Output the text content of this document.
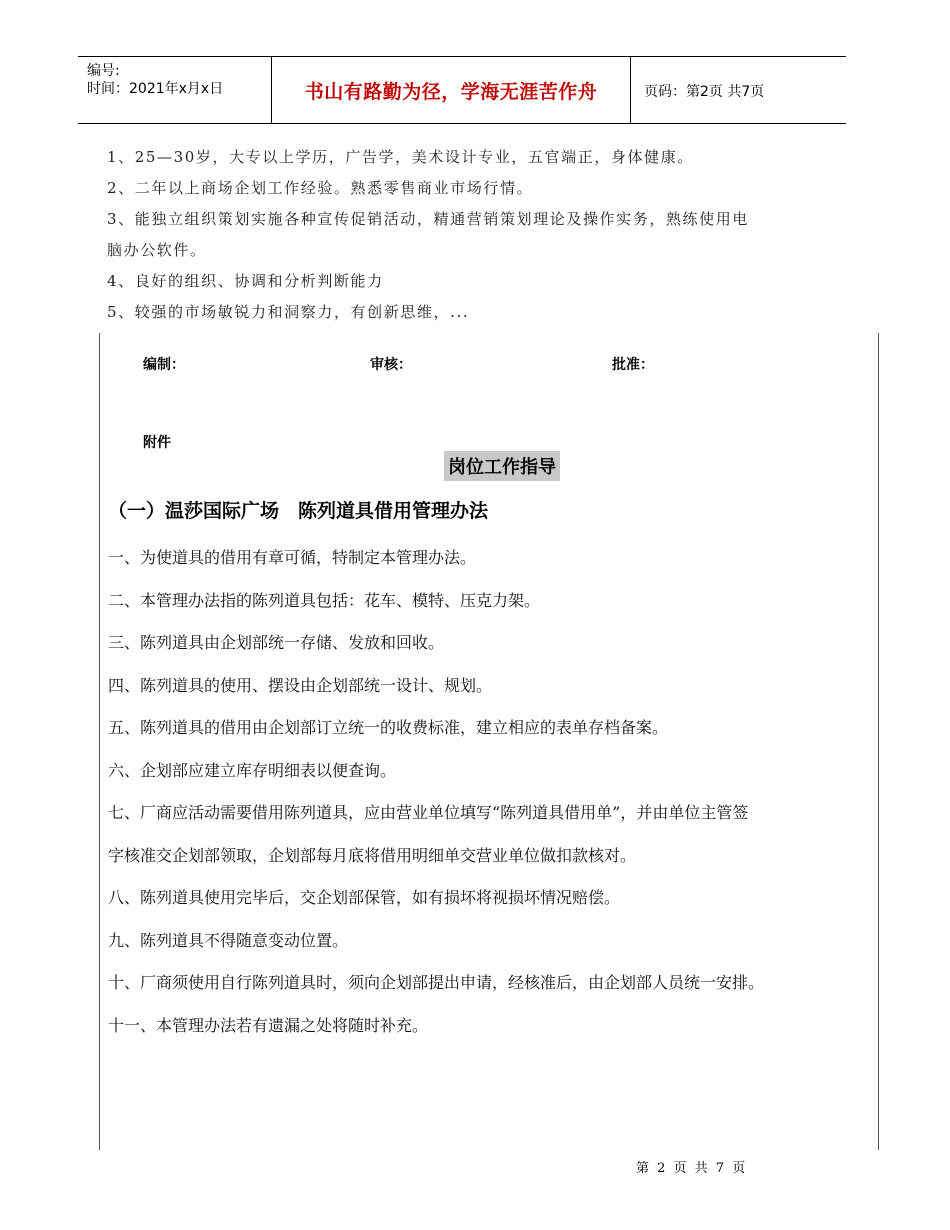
编号:
时间：2021年x月x日	书山有路勤为径，学海无涯苦作舟	页码：第2页 共7页

1、25—30岁，大专以上学历，广告学，美术设计专业，五官端正，身体健康。

2、二年以上商场企划工作经验。熟悉零售商业市场行情。

3、能独立组织策划实施各种宣传促销活动，精通营销策划理论及操作实务，熟练使用电

脑办公软件。

4、良好的组织、协调和分析判断能力

5、较强的市场敏锐力和洞察力，有创新思维，...

编制：	审核：	批准：
附件
岗位工作指导
（一）温莎国际广场　陈列道具借用管理办法

一、为使道具的借用有章可循，特制定本管理办法。

二、本管理办法指的陈列道具包括：花车、模特、压克力架。

三、陈列道具由企划部统一存储、发放和回收。

四、陈列道具的使用、摆设由企划部统一设计、规划。

五、陈列道具的借用由企划部订立统一的收费标准，建立相应的表单存档备案。

六、企划部应建立库存明细表以便查询。

七、厂商应活动需要借用陈列道具，应由营业单位填写“陈列道具借用单”，并由单位主管签

字核准交企划部领取，企划部每月底将借用明细单交营业单位做扣款核对。

八、陈列道具使用完毕后，交企划部保管，如有损坏将视损坏情况赔偿。

九、陈列道具不得随意变动位置。

十、厂商须使用自行陈列道具时，须向企划部提出申请，经核准后，由企划部人员统一安排。

十一、本管理办法若有遗漏之处将随时补充。

第 2 页 共 7 页
